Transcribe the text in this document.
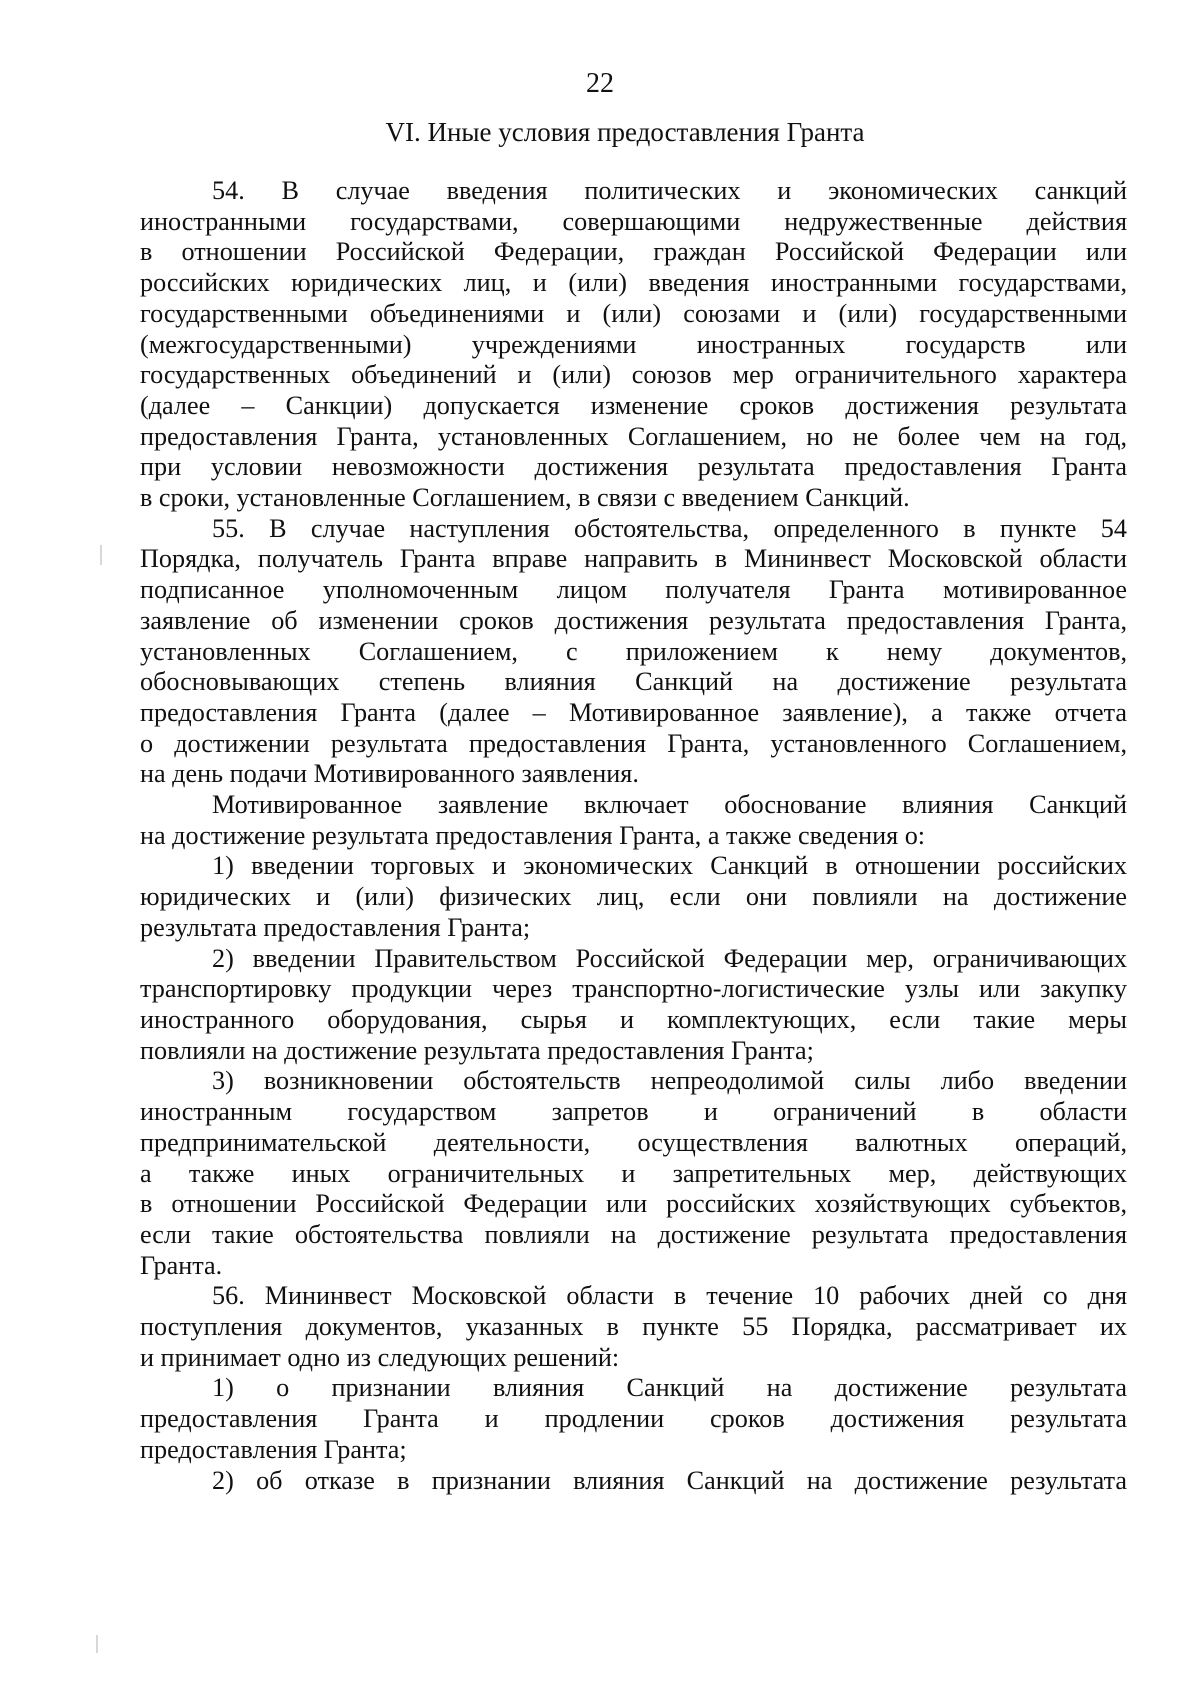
22
VI. Иные условия предоставления Гранта
54. В случае введения политических и экономических санкций
иностранными государствами, совершающими недружественные действия
в отношении Российской Федерации, граждан Российской Федерации или
российских юридических лиц, и (или) введения иностранными государствами,
государственными объединениями и (или) союзами и (или) государственными
(межгосударственными) учреждениями иностранных государств или
государственных объединений и (или) союзов мер ограничительного характера
(далее – Санкции) допускается изменение сроков достижения результата
предоставления Гранта, установленных Соглашением, но не более чем на год,
при условии невозможности достижения результата предоставления Гранта
в сроки, установленные Соглашением, в связи с введением Санкций.
55. В случае наступления обстоятельства, определенного в пункте 54
Порядка, получатель Гранта вправе направить в Мининвест Московской области
подписанное уполномоченным лицом получателя Гранта мотивированное
заявление об изменении сроков достижения результата предоставления Гранта,
установленных Соглашением, с приложением к нему документов,
обосновывающих степень влияния Санкций на достижение результата
предоставления Гранта (далее – Мотивированное заявление), а также отчета
о достижении результата предоставления Гранта, установленного Соглашением,
на день подачи Мотивированного заявления.
Мотивированное заявление включает обоснование влияния Санкций
на достижение результата предоставления Гранта, а также сведения о:
1) введении торговых и экономических Санкций в отношении российских
юридических и (или) физических лиц, если они повлияли на достижение
результата предоставления Гранта;
2) введении Правительством Российской Федерации мер, ограничивающих
транспортировку продукции через транспортно-логистические узлы или закупку
иностранного оборудования, сырья и комплектующих, если такие меры
повлияли на достижение результата предоставления Гранта;
3) возникновении обстоятельств непреодолимой силы либо введении
иностранным государством запретов и ограничений в области
предпринимательской деятельности, осуществления валютных операций,
а также иных ограничительных и запретительных мер, действующих
в отношении Российской Федерации или российских хозяйствующих субъектов,
если такие обстоятельства повлияли на достижение результата предоставления
Гранта.
56. Мининвест Московской области в течение 10 рабочих дней со дня
поступления документов, указанных в пункте 55 Порядка, рассматривает их
и принимает одно из следующих решений:
1) о признании влияния Санкций на достижение результата
предоставления Гранта и продлении сроков достижения результата
предоставления Гранта;
2) об отказе в признании влияния Санкций на достижение результата
